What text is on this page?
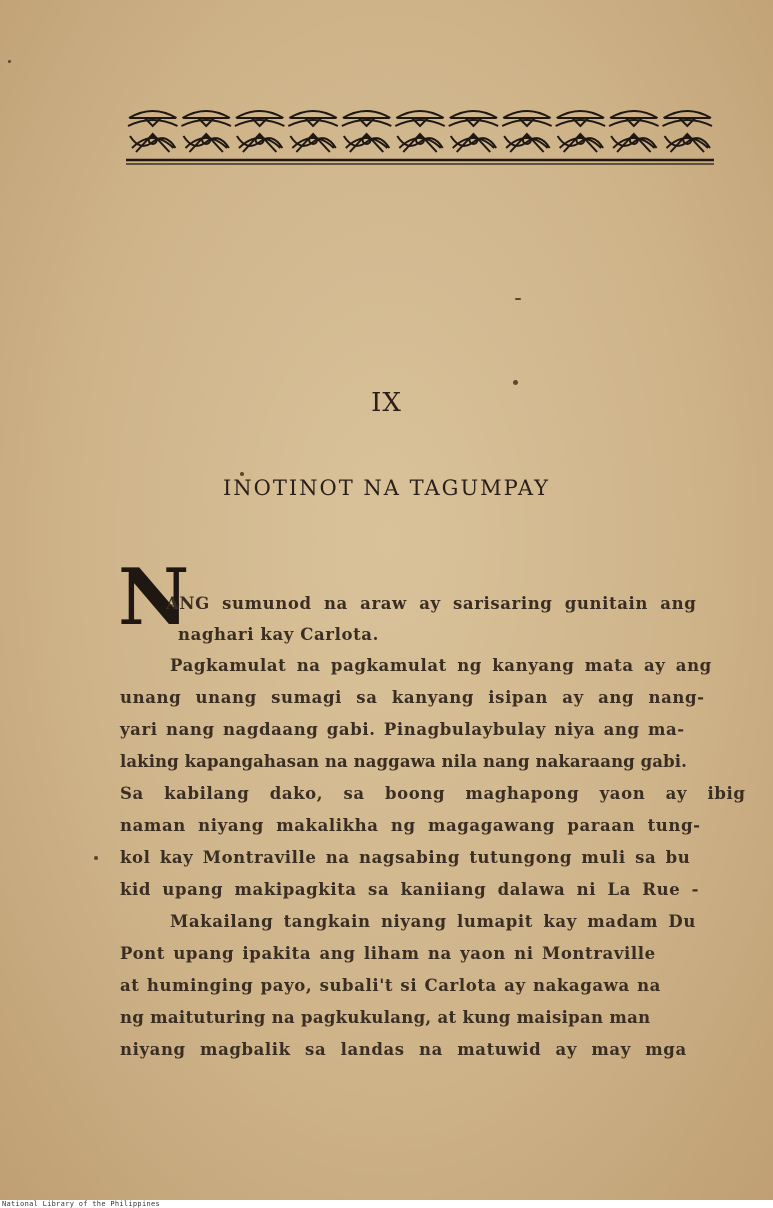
IX
INOTINOT NA TAGUMPAY
N
ANG sumunod na araw ay sarisaring gunitain ang
naghari kay Carlota.
Pagkamulat na pagkamulat ng kanyang mata ay ang
unang unang sumagi sa kanyang isipan ay ang nang-
yari nang nagdaang gabi. Pinagbulaybulay niya ang ma-
laking kapangahasan na naggawa nila nang nakaraang gabi.
Sa kabilang dako, sa boong maghapong yaon ay ibig
naman niyang makalikha ng magagawang paraan tung-
kol kay Montraville na nagsabing tutungong muli sa bu
kid upang makipagkita sa kaniiang dalawa ni La Rue -
Makailang tangkain niyang lumapit kay madam Du
Pont upang ipakita ang liham na yaon ni Montraville
at huminging payo, subali't si Carlota ay nakagawa na
ng maituturing na pagkukulang, at kung maisipan man
niyang magbalik sa landas na matuwid ay may mga
National Library of the Philippines
